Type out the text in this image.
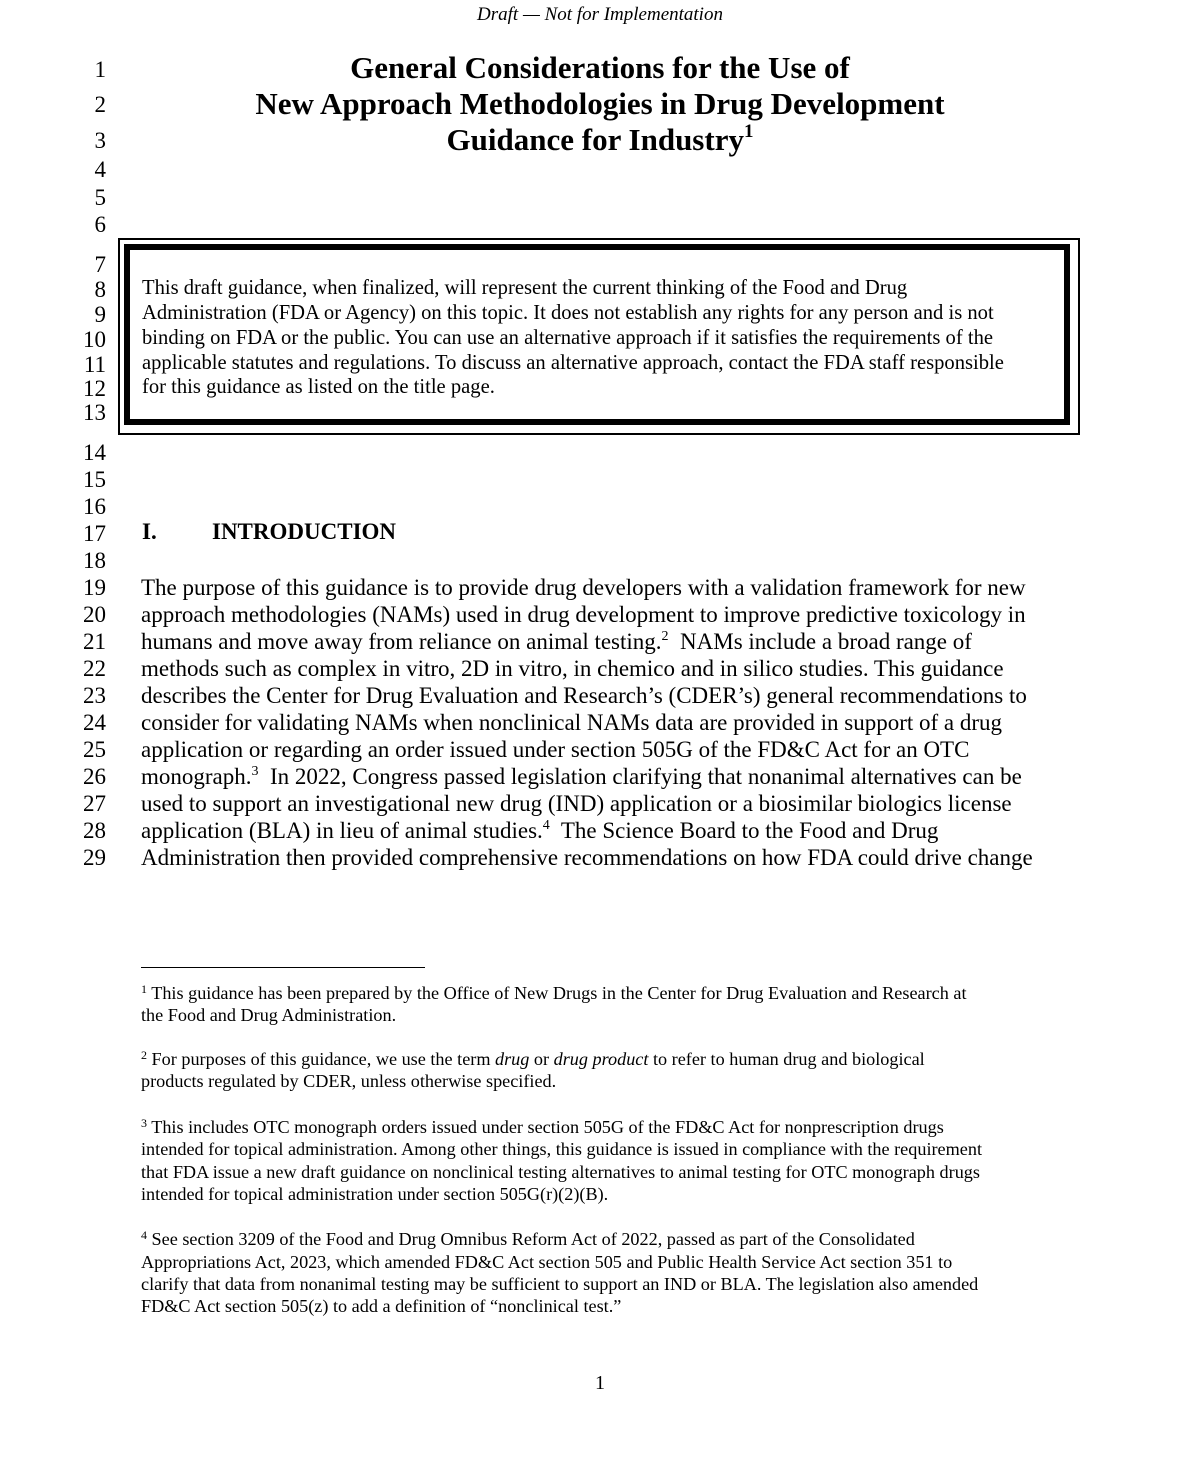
Draft — Not for Implementation
General Considerations for the Use of
New Approach Methodologies in Drug Development
Guidance for Industry$^1$
1
2
3
4
5
6
7
8
9
10
11
12
13
14
15
16
17
18
19
20
21
22
23
24
25
26
27
28
29
This draft guidance, when finalized, will represent the current thinking of the Food and Drug
Administration (FDA or Agency) on this topic. It does not establish any rights for any person and is not
binding on FDA or the public. You can use an alternative approach if it satisfies the requirements of the
applicable statutes and regulations. To discuss an alternative approach, contact the FDA staff responsible
for this guidance as listed on the title page.
I. INTRODUCTION
The purpose of this guidance is to provide drug developers with a validation framework for new
approach methodologies (NAMs) used in drug development to improve predictive toxicology in
humans and move away from reliance on animal testing.$^2$  NAMs include a broad range of
methods such as complex in vitro, 2D in vitro, in chemico and in silico studies. This guidance
describes the Center for Drug Evaluation and Research’s (CDER’s) general recommendations to
consider for validating NAMs when nonclinical NAMs data are provided in support of a drug
application or regarding an order issued under section 505G of the FD&C Act for an OTC
monograph.$^3$  In 2022, Congress passed legislation clarifying that nonanimal alternatives can be
used to support an investigational new drug (IND) application or a biosimilar biologics license
application (BLA) in lieu of animal studies.$^4$  The Science Board to the Food and Drug
Administration then provided comprehensive recommendations on how FDA could drive change
$^1$ This guidance has been prepared by the Office of New Drugs in the Center for Drug Evaluation and Research at
the Food and Drug Administration.
$^2$ For purposes of this guidance, we use the term drug or drug product to refer to human drug and biological
products regulated by CDER, unless otherwise specified.
$^3$ This includes OTC monograph orders issued under section 505G of the FD&C Act for nonprescription drugs
intended for topical administration. Among other things, this guidance is issued in compliance with the requirement
that FDA issue a new draft guidance on nonclinical testing alternatives to animal testing for OTC monograph drugs
intended for topical administration under section 505G(r)(2)(B).
$^4$ See section 3209 of the Food and Drug Omnibus Reform Act of 2022, passed as part of the Consolidated
Appropriations Act, 2023, which amended FD&C Act section 505 and Public Health Service Act section 351 to
clarify that data from nonanimal testing may be sufficient to support an IND or BLA. The legislation also amended
FD&C Act section 505(z) to add a definition of “nonclinical test.”
1
